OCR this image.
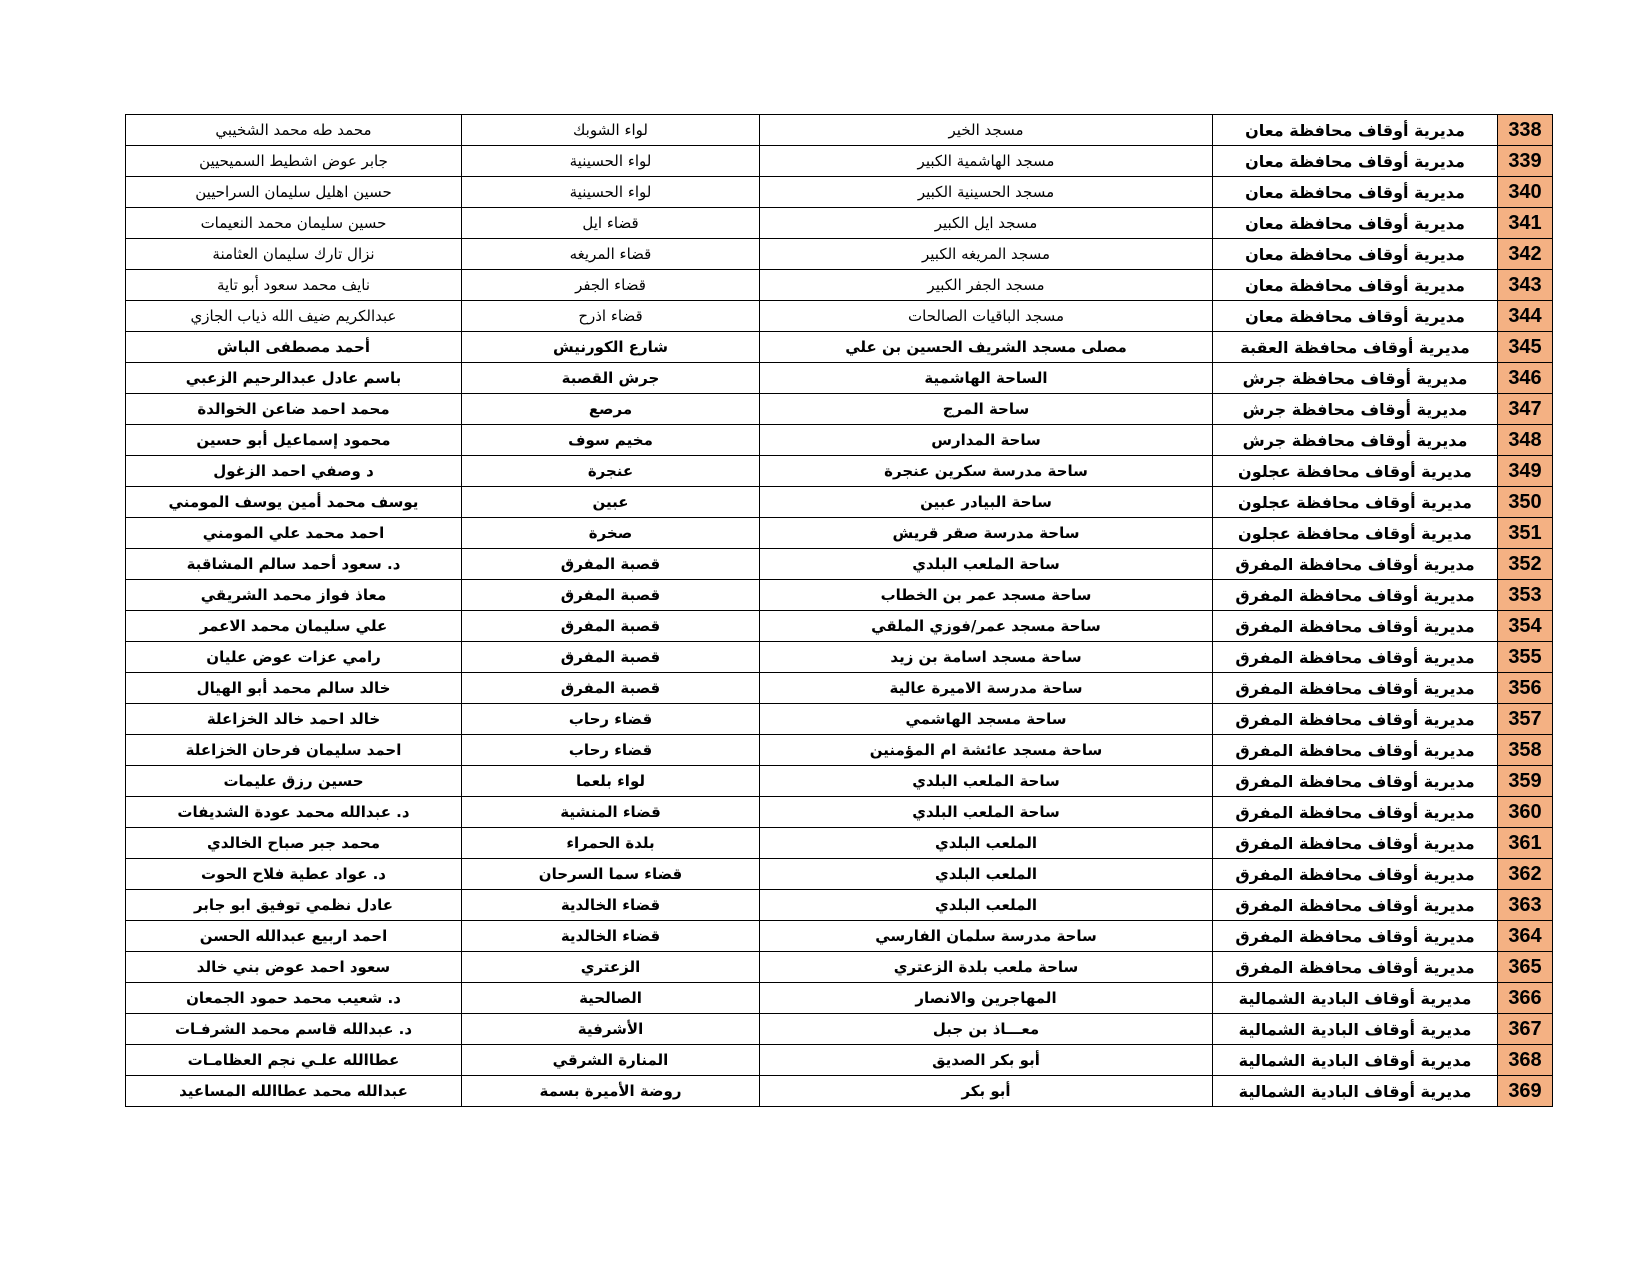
338	مديرية أوقاف محافظة معان	مسجد الخير	لواء الشوبك	محمد طه محمد الشخيبي
339	مديرية أوقاف محافظة معان	مسجد الهاشمية الكبير	لواء الحسينية	جابر عوض اشطيط السميحيين
340	مديرية أوقاف محافظة معان	مسجد الحسينية الكبير	لواء الحسينية	حسين اهليل سليمان السراحيين
341	مديرية أوقاف محافظة معان	مسجد ايل الكبير	قضاء ايل	حسين سليمان محمد النعيمات
342	مديرية أوقاف محافظة معان	مسجد المريغه الكبير	قضاء المريغه	نزال تارك سليمان العثامنة
343	مديرية أوقاف محافظة معان	مسجد الجفر الكبير	قضاء الجفر	نايف محمد سعود أبو تاية
344	مديرية أوقاف محافظة معان	مسجد الباقيات الصالحات	قضاء اذرح	عبدالكريم ضيف الله ذياب الجازي
345	مديرية أوقاف محافظة العقبة	مصلى مسجد الشريف الحسين بن علي	شارع الكورنيش	أحمد مصطفى الباش
346	مديرية أوقاف محافظة جرش	الساحة الهاشمية	جرش القصبة	باسم عادل عبدالرحيم الزعبي
347	مديرية أوقاف محافظة جرش	ساحة المرج	مرصع	محمد احمد ضاعن الخوالدة
348	مديرية أوقاف محافظة جرش	ساحة المدارس	مخيم سوف	محمود إسماعيل أبو حسين
349	مديرية أوقاف محافظة عجلون	ساحة مدرسة سكرين عنجرة	عنجرة	د وصفي احمد الزغول
350	مديرية أوقاف محافظة عجلون	ساحة البيادر عبين	عبين	يوسف محمد أمين يوسف المومني
351	مديرية أوقاف محافظة عجلون	ساحة مدرسة صقر قريش	صخرة	احمد محمد علي المومني
352	مديرية أوقاف محافظة المفرق	ساحة الملعب البلدي	قصبة المفرق	د. سعود أحمد سالم المشاقبة
353	مديرية أوقاف محافظة المفرق	ساحة مسجد عمر بن الخطاب	قصبة المفرق	معاذ فواز محمد الشريقي
354	مديرية أوقاف محافظة المفرق	ساحة مسجد عمر/فوزي الملقي	قصبة المفرق	علي سليمان محمد الاعمر
355	مديرية أوقاف محافظة المفرق	ساحة مسجد اسامة بن زيد	قصبة المفرق	رامي عزات عوض عليان
356	مديرية أوقاف محافظة المفرق	ساحة مدرسة الاميرة عالية	قصبة المفرق	خالد سالم محمد أبو الهيال
357	مديرية أوقاف محافظة المفرق	ساحة مسجد الهاشمي	قضاء رحاب	خالد احمد خالد الخزاعلة
358	مديرية أوقاف محافظة المفرق	ساحة مسجد عائشة ام المؤمنين	قضاء رحاب	احمد سليمان فرحان الخزاعلة
359	مديرية أوقاف محافظة المفرق	ساحة الملعب البلدي	لواء بلعما	حسين رزق عليمات
360	مديرية أوقاف محافظة المفرق	ساحة الملعب البلدي	قضاء المنشية	د. عبدالله محمد عودة الشديفات
361	مديرية أوقاف محافظة المفرق	الملعب البلدي	بلدة الحمراء	محمد جبر صباح الخالدي
362	مديرية أوقاف محافظة المفرق	الملعب البلدي	قضاء سما السرحان	د. عواد عطية فلاح الحوت
363	مديرية أوقاف محافظة المفرق	الملعب البلدي	قضاء الخالدية	عادل نظمي توفيق ابو جابر
364	مديرية أوقاف محافظة المفرق	ساحة مدرسة سلمان الفارسي	قضاء الخالدية	احمد اربيع عبدالله الحسن
365	مديرية أوقاف محافظة المفرق	ساحة ملعب بلدة الزعتري	الزعتري	سعود احمد عوض بني خالد
366	مديرية أوقاف البادية الشمالية	المهاجرين والانصار	الصالحية	د. شعيب محمد حمود الجمعان
367	مديرية أوقاف البادية الشمالية	معـــاذ بن جبل	الأشرفية	د. عبدالله قاسم محمد الشرفـات
368	مديرية أوقاف البادية الشمالية	أبو بكر الصديق	المنارة الشرقي	عطاالله علـي نجم العظامـات
369	مديرية أوقاف البادية الشمالية	أبو بكر	روضة الأميرة بسمة	عبدالله محمد عطاالله المساعيد
